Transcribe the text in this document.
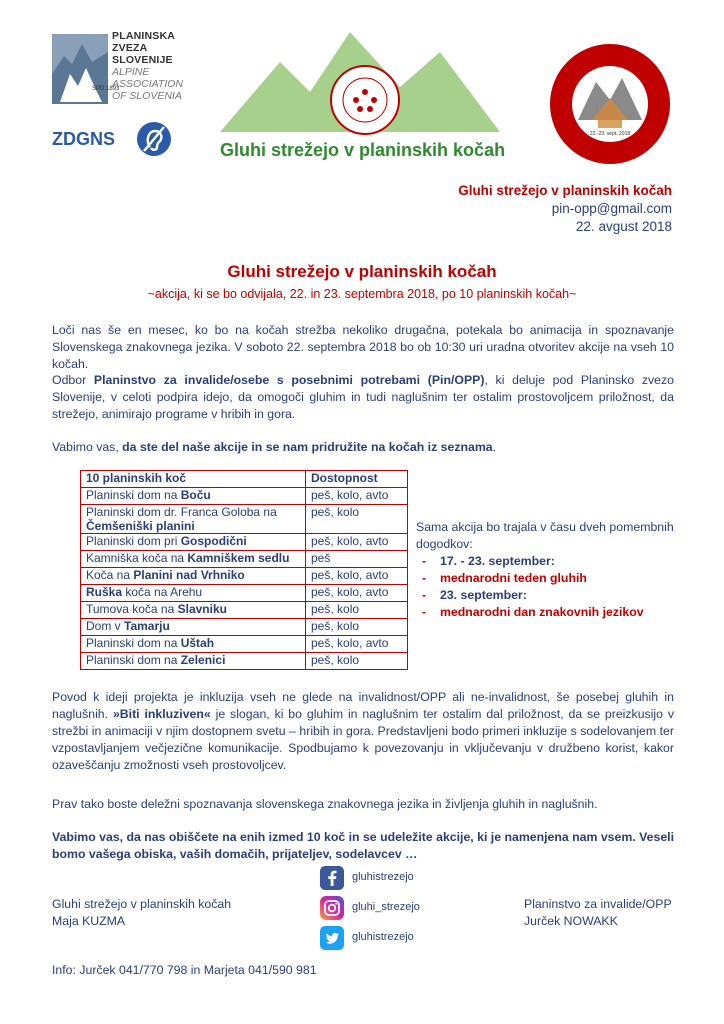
SPD 1893
PLANINSKA
ZVEZA
SLOVENIJE
ALPINE
ASSOCIATION
OF SLOVENIA
ZDGNS
Gluhi strežejo v planinskih kočah
22.-23. sept. 2018
Gluhi strežejo v planinskih kočah
pin-opp@gmail.com
22. avgust 2018
Gluhi strežejo v planinskih kočah
~akcija, ki se bo odvijala, 22. in 23. septembra 2018, po 10 planinskih kočah~
Loči nas še en mesec, ko bo na kočah strežba nekoliko drugačna, potekala bo animacija in spoznavanje Slovenskega znakovnega jezika. V soboto 22. septembra 2018 bo ob 10:30 uri uradna otvoritev akcije na vseh 10 kočah.
Odbor Planinstvo za invalide/osebe s posebnimi potrebami (Pin/OPP), ki deluje pod Planinsko zvezo Slovenije, v celoti podpira idejo, da omogoči gluhim in tudi naglušnim ter ostalim prostovoljcem priložnost, da strežejo, animirajo programe v hribih in gora.
Vabimo vas, da ste del naše akcije in se nam pridružite na kočah iz seznama.
10 planinskih koč	Dostopnost
Planinski dom na Boču	peš, kolo, avto
Planinski dom dr. Franca Goloba na Čemšeniški planini	peš, kolo
Planinski dom pri Gospodični	peš, kolo, avto
Kamniška koča na Kamniškem sedlu	peš
Koča na Planini nad Vrhniko	peš, kolo, avto
Ruška koča na Arehu	peš, kolo, avto
Tumova koča na Slavniku	peš, kolo
Dom v Tamarju	peš, kolo
Planinski dom na Uštah	peš, kolo, avto
Planinski dom na Zelenici	peš, kolo
Sama akcija bo trajala v času dveh pomembnih dogodkov:
- 17. - 23. september:
- mednarodni teden gluhih
- 23. september:
- mednarodni dan znakovnih jezikov
Povod k ideji projekta je inkluzija vseh ne glede na invalidnost/OPP ali ne-invalidnost, še posebej gluhih in naglušnih. »Biti inkluziven« je slogan, ki bo gluhim in naglušnim ter ostalim dal priložnost, da se preizkusijo v strežbi in animaciji v njim dostopnem svetu – hribih in gora. Predstavljeni bodo primeri inkluzije s sodelovanjem ter vzpostavljanjem večjezične komunikacije. Spodbujamo k povezovanju in vključevanju v družbeno korist, kakor ozaveščanju zmožnosti vseh prostovoljcev.
Prav tako boste deležni spoznavanja slovenskega znakovnega jezika in življenja gluhih in naglušnih.
Vabimo vas, da nas obiščete na enih izmed 10 koč in se udeležite akcije, ki je namenjena nam vsem. Veseli bomo vašega obiska, vaših domačih, prijateljev, sodelavcev …
Gluhi strežejo v planinskih kočah
Maja KUZMA
Planinstvo za invalide/OPP
Jurček NOWAKK
gluhistrezejo
gluhi_strezejo
gluhistrezejo
Info: Jurček 041/770 798 in Marjeta 041/590 981
